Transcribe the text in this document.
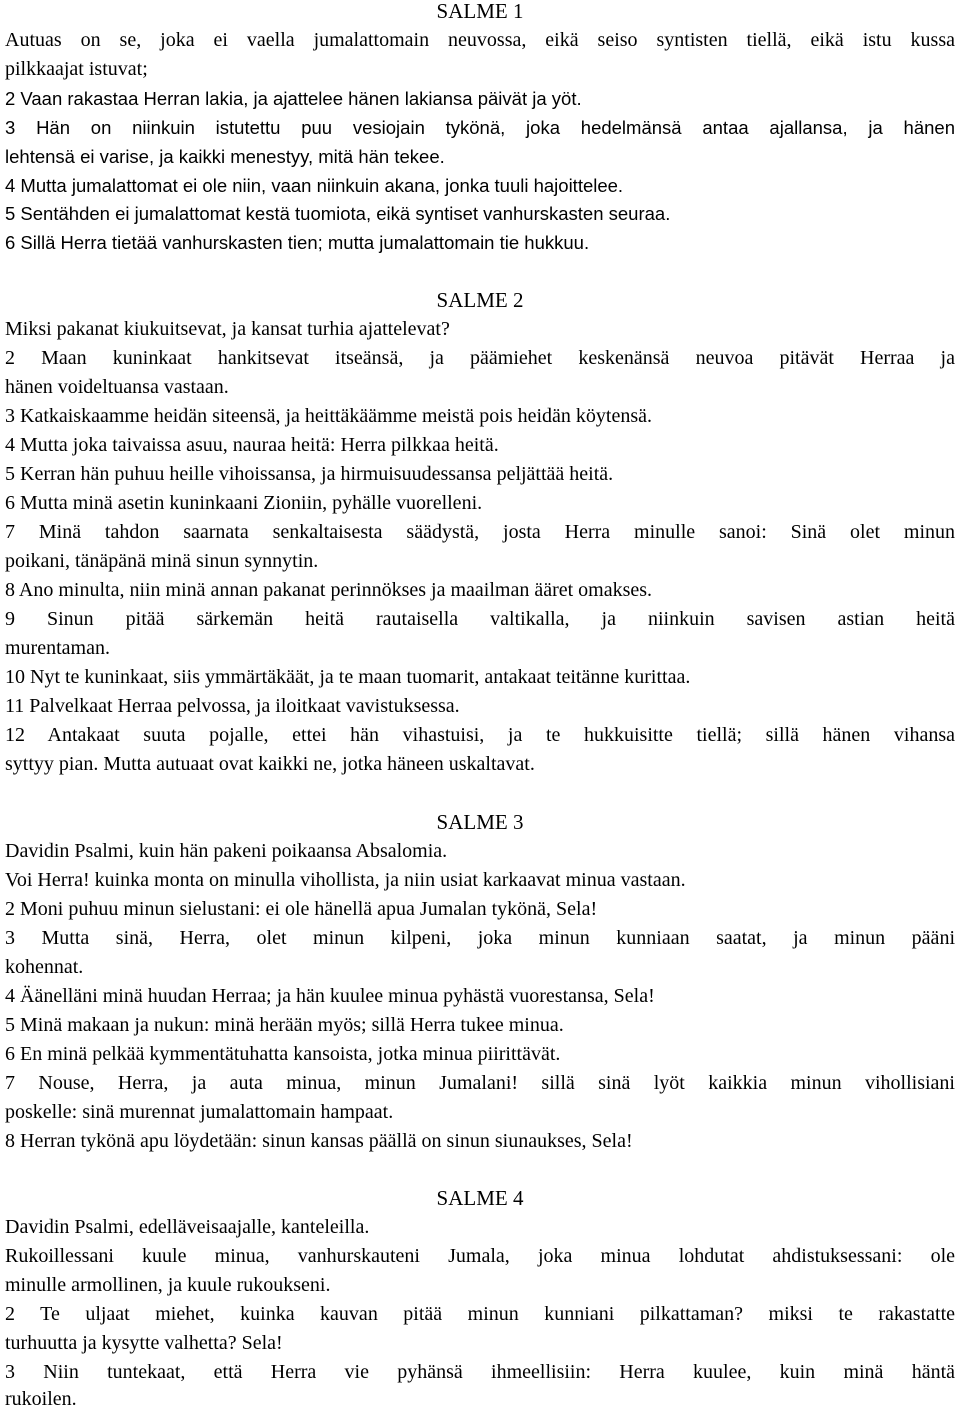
SALME 1

Autuas on se, joka ei vaella jumalattomain neuvossa, eikä seiso syntisten tiellä, eikä istu kussa

pilkkaajat istuvat;

2 Vaan rakastaa Herran lakia, ja ajattelee hänen lakiansa päivät ja yöt.

3 Hän on niinkuin istutettu puu vesiojain tykönä, joka hedelmänsä antaa ajallansa, ja hänen

lehtensä ei varise, ja kaikki menestyy, mitä hän tekee.

4 Mutta jumalattomat ei ole niin, vaan niinkuin akana, jonka tuuli hajoittelee.

5 Sentähden ei jumalattomat kestä tuomiota, eikä syntiset vanhurskasten seuraa.

6 Sillä Herra tietää vanhurskasten tien; mutta jumalattomain tie hukkuu.

SALME 2

Miksi pakanat kiukuitsevat, ja kansat turhia ajattelevat?

2 Maan kuninkaat hankitsevat itseänsä, ja päämiehet keskenänsä neuvoa pitävät Herraa ja

hänen voideltuansa vastaan.

3 Katkaiskaamme heidän siteensä, ja heittäkäämme meistä pois heidän köytensä.

4 Mutta joka taivaissa asuu, nauraa heitä: Herra pilkkaa heitä.

5 Kerran hän puhuu heille vihoissansa, ja hirmuisuudessansa peljättää heitä.

6 Mutta minä asetin kuninkaani Zioniin, pyhälle vuorelleni.

7 Minä tahdon saarnata senkaltaisesta säädystä, josta Herra minulle sanoi: Sinä olet minun

poikani, tänäpänä minä sinun synnytin.

8 Ano minulta, niin minä annan pakanat perinnökses ja maailman ääret omakses.

9 Sinun pitää särkemän heitä rautaisella valtikalla, ja niinkuin savisen astian heitä

murentaman.

10 Nyt te kuninkaat, siis ymmärtäkäät, ja te maan tuomarit, antakaat teitänne kurittaa.

11 Palvelkaat Herraa pelvossa, ja iloitkaat vavistuksessa.

12 Antakaat suuta pojalle, ettei hän vihastuisi, ja te hukkuisitte tiellä; sillä hänen vihansa

syttyy pian. Mutta autuaat ovat kaikki ne, jotka häneen uskaltavat.

SALME 3

Davidin Psalmi, kuin hän pakeni poikaansa Absalomia.

Voi Herra! kuinka monta on minulla vihollista, ja niin usiat karkaavat minua vastaan.

2 Moni puhuu minun sielustani: ei ole hänellä apua Jumalan tykönä, Sela!

3 Mutta sinä, Herra, olet minun kilpeni, joka minun kunniaan saatat, ja minun pääni

kohennat.

4 Äänelläni minä huudan Herraa; ja hän kuulee minua pyhästä vuorestansa, Sela!

5 Minä makaan ja nukun: minä herään myös; sillä Herra tukee minua.

6 En minä pelkää kymmentätuhatta kansoista, jotka minua piirittävät.

7 Nouse, Herra, ja auta minua, minun Jumalani! sillä sinä lyöt kaikkia minun vihollisiani

poskelle: sinä murennat jumalattomain hampaat.

8 Herran tykönä apu löydetään: sinun kansas päällä on sinun siunaukses, Sela!

SALME 4

Davidin Psalmi, edelläveisaajalle, kanteleilla.

Rukoillessani kuule minua, vanhurskauteni Jumala, joka minua lohdutat ahdistuksessani: ole

minulle armollinen, ja kuule rukoukseni.

2 Te uljaat miehet, kuinka kauvan pitää minun kunniani pilkattaman? miksi te rakastatte

turhuutta ja kysytte valhetta? Sela!

3 Niin tuntekaat, että Herra vie pyhänsä ihmeellisiin: Herra kuulee, kuin minä häntä

rukoilen.
